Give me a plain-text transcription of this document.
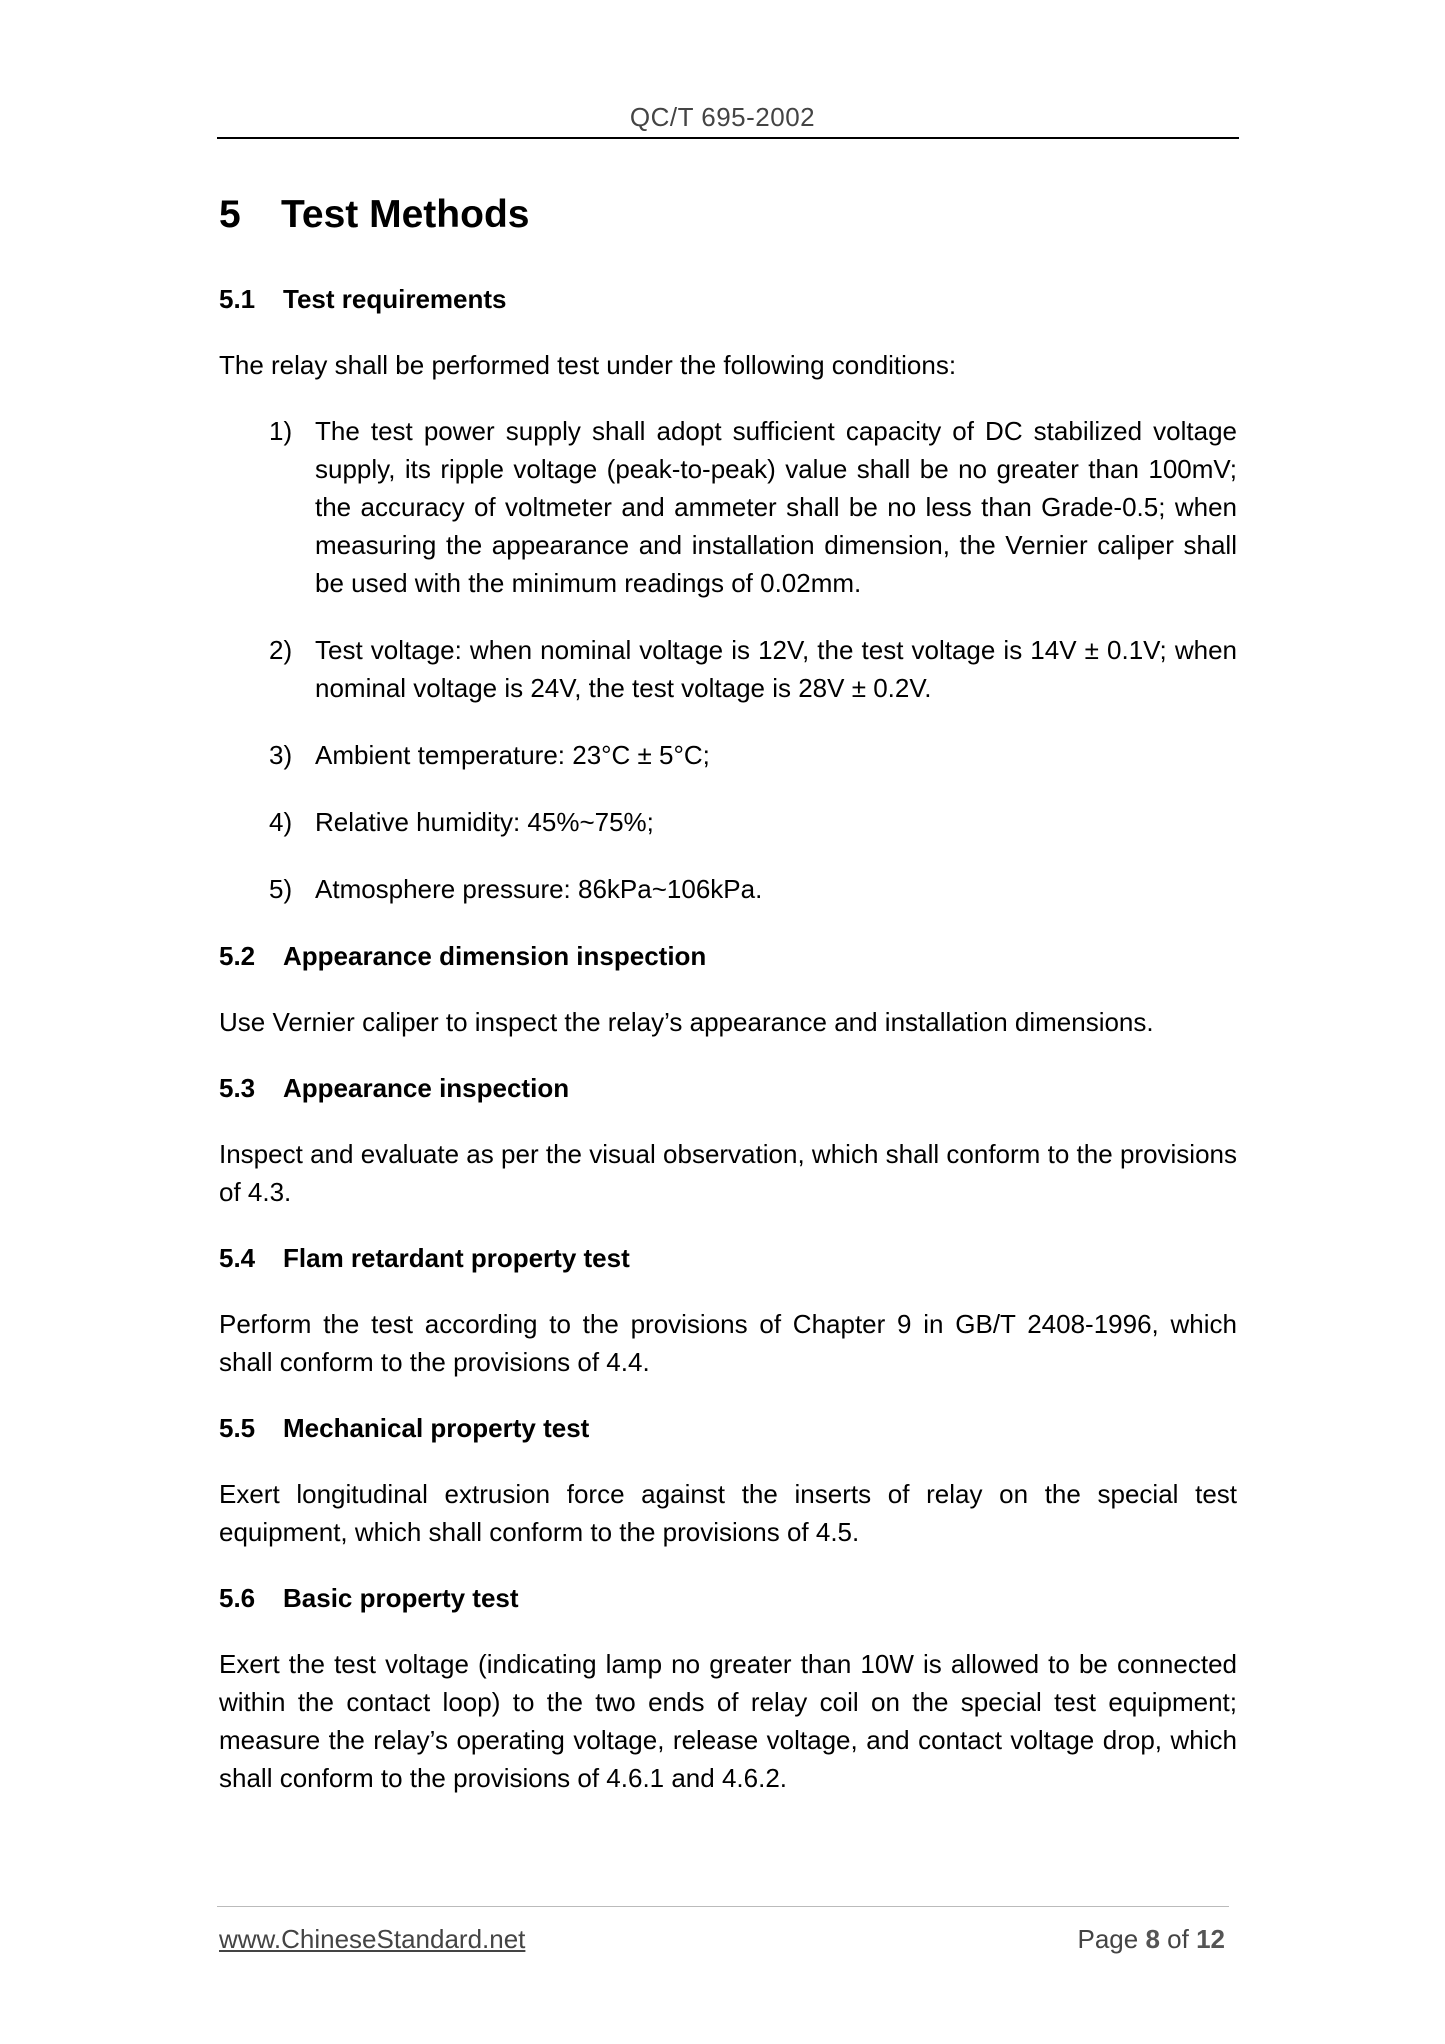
QC/T 695-2002
5 Test Methods
5.1 Test requirements

The relay shall be performed test under the following conditions:

1) The test power supply shall adopt sufficient capacity of DC stabilized voltage supply, its ripple voltage (peak-to-peak) value shall be no greater than 100mV; the accuracy of voltmeter and ammeter shall be no less than Grade-0.5; when measuring the appearance and installation dimension, the Vernier caliper shall be used with the minimum readings of 0.02mm.
2) Test voltage: when nominal voltage is 12V, the test voltage is 14V ± 0.1V; when nominal voltage is 24V, the test voltage is 28V ± 0.2V.
3) Ambient temperature: 23°C ± 5°C;
4) Relative humidity: 45%~75%;
5) Atmosphere pressure: 86kPa~106kPa.
5.2 Appearance dimension inspection

Use Vernier caliper to inspect the relay’s appearance and installation dimensions.

5.3 Appearance inspection

Inspect and evaluate as per the visual observation, which shall conform to the provisions of 4.3.

5.4 Flam retardant property test

Perform the test according to the provisions of Chapter 9 in GB/T 2408-1996, which shall conform to the provisions of 4.4.

5.5 Mechanical property test

Exert longitudinal extrusion force against the inserts of relay on the special test equipment, which shall conform to the provisions of 4.5.

5.6 Basic property test

Exert the test voltage (indicating lamp no greater than 10W is allowed to be connected within the contact loop) to the two ends of relay coil on the special test equipment; measure the relay’s operating voltage, release voltage, and contact voltage drop, which shall conform to the provisions of 4.6.1 and 4.6.2.

www.ChineseStandard.net	Page 8 of 12
